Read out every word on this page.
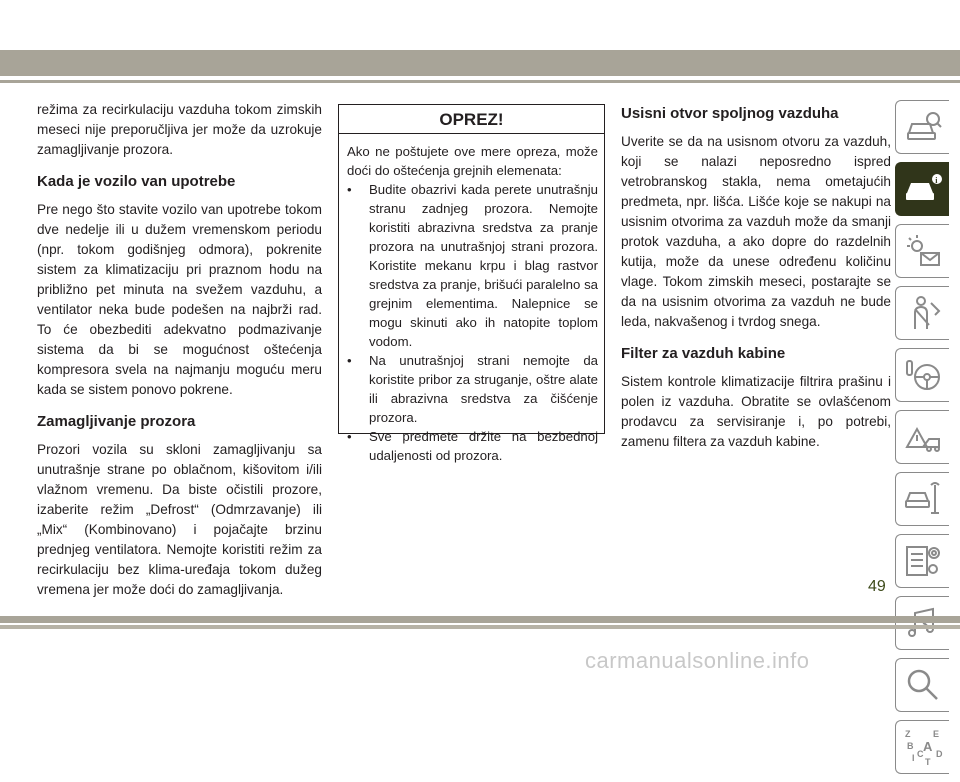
režima za recirkulaciju vazduha tokom zimskih meseci nije preporučljiva jer može da uzrokuje zamagljivanje prozora.

Kada je vozilo van upotrebe

Pre nego što stavite vozilo van upotrebe tokom dve nedelje ili u dužem vremenskom periodu (npr. tokom godišnjeg odmora), pokrenite sistem za klimatizaciju pri praznom hodu na približno pet minuta na svežem vazduhu, a ventilator neka bude podešen na najbrži rad. To će obezbediti adekvatno podmazivanje sistema da bi se mogućnost oštećenja kompresora svela na najmanju moguću meru kada se sistem ponovo pokrene.

Zamagljivanje prozora

Prozori vozila su skloni zamagljivanju sa unutrašnje strane po oblačnom, kišovitom i/ili vlažnom vremenu. Da biste očistili prozore, izaberite režim „Defrost“ (Odmrzavanje) ili „Mix“ (Kombinovano) i pojačajte brzinu prednjeg ventilatora. Nemojte koristiti režim za recirkulaciju bez klima-uređaja tokom dužeg vremena jer može doći do zamagljivanja.

OPREZ!

Ako ne poštujete ove mere opreza, može doći do oštećenja grejnih elemenata:

• Budite obazrivi kada perete unutrašnju stranu zadnjeg prozora. Nemojte koristiti abrazivna sredstva za pranje prozora na unutrašnjoj strani prozora. Koristite mekanu krpu i blag rastvor sredstva za pranje, brišući paralelno sa grejnim elementima. Nalepnice se mogu skinuti ako ih natopite toplom vodom.
• Na unutrašnjoj strani nemojte da koristite pribor za struganje, oštre alate ili abrazivna sredstva za čišćenje prozora.
• Sve predmete držite na bezbednoj udaljenosti od prozora.
Usisni otvor spoljnog vazduha

Uverite se da na usisnom otvoru za vazduh, koji se nalazi neposredno ispred vetrobranskog stakla, nema ometajućih predmeta, npr. lišća. Lišće koje se nakupi na usisnim otvorima za vazduh može da smanji protok vazduha, a ako dopre do razdelnih kutija, može da unese određenu količinu vlage. Tokom zimskih meseci, postarajte se da na usisnim otvorima za vazduh ne bude leda, nakvašenog i tvrdog snega.

Filter za vazduh kabine

Sistem kontrole klimatizacije filtrira prašinu i polen iz vazduha. Obratite se ovlašćenom prodavcu za servisiranje i, po potrebi, zamenu filtera za vazduh kabine.

i
Z	E
B A
I C D
T
49
carmanualsonline.info
